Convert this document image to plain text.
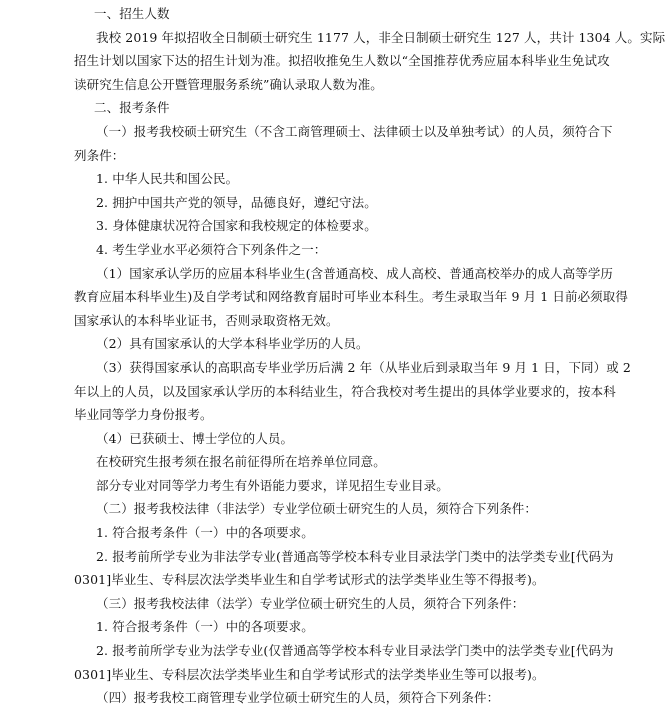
一、招生人数
我校 2019 年拟招收全日制硕士研究生 1177 人，非全日制硕士研究生 127 人，共计 1304 人。实际
招生计划以国家下达的招生计划为准。拟招收推免生人数以“全国推荐优秀应届本科毕业生免试攻
读研究生信息公开暨管理服务系统”确认录取人数为准。
二、报考条件
（一）报考我校硕士研究生（不含工商管理硕士、法律硕士以及单独考试）的人员，须符合下
列条件：
1. 中华人民共和国公民。
2. 拥护中国共产党的领导，品德良好，遵纪守法。
3. 身体健康状况符合国家和我校规定的体检要求。
4. 考生学业水平必须符合下列条件之一：
（1）国家承认学历的应届本科毕业生(含普通高校、成人高校、普通高校举办的成人高等学历
教育应届本科毕业生)及自学考试和网络教育届时可毕业本科生。考生录取当年 9 月 1 日前必须取得
国家承认的本科毕业证书，否则录取资格无效。
（2）具有国家承认的大学本科毕业学历的人员。
（3）获得国家承认的高职高专毕业学历后满 2 年（从毕业后到录取当年 9 月 1 日，下同）或 2
年以上的人员，以及国家承认学历的本科结业生，符合我校对考生提出的具体学业要求的，按本科
毕业同等学力身份报考。
（4）已获硕士、博士学位的人员。
在校研究生报考须在报名前征得所在培养单位同意。
部分专业对同等学力考生有外语能力要求，详见招生专业目录。
（二）报考我校法律（非法学）专业学位硕士研究生的人员，须符合下列条件：
1. 符合报考条件（一）中的各项要求。
2. 报考前所学专业为非法学专业(普通高等学校本科专业目录法学门类中的法学类专业[代码为
0301]毕业生、专科层次法学类毕业生和自学考试形式的法学类毕业生等不得报考)。
（三）报考我校法律（法学）专业学位硕士研究生的人员，须符合下列条件：
1. 符合报考条件（一）中的各项要求。
2. 报考前所学专业为法学专业(仅普通高等学校本科专业目录法学门类中的法学类专业[代码为
0301]毕业生、专科层次法学类毕业生和自学考试形式的法学类毕业生等可以报考)。
（四）报考我校工商管理专业学位硕士研究生的人员，须符合下列条件：
